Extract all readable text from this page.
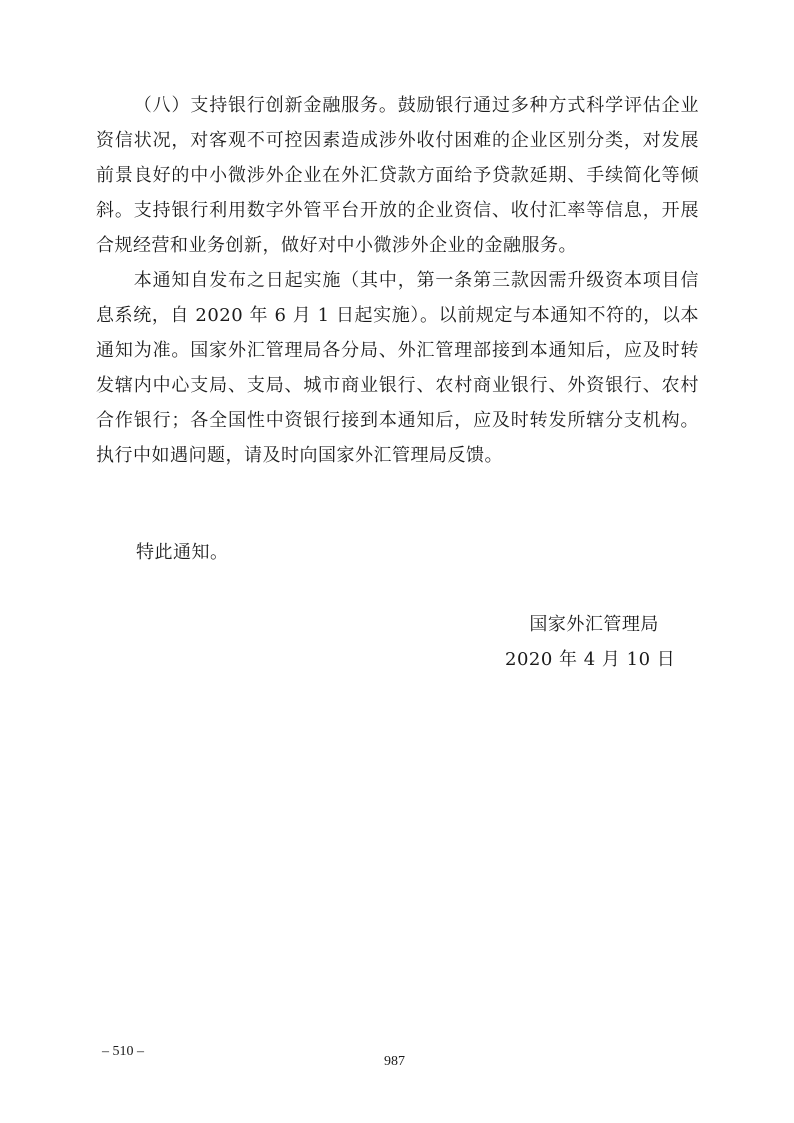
（八）支持银行创新金融服务。鼓励银行通过多种方式科学评估企业资信状况，对客观不可控因素造成涉外收付困难的企业区别分类，对发展前景良好的中小微涉外企业在外汇贷款方面给予贷款延期、手续简化等倾斜。支持银行利用数字外管平台开放的企业资信、收付汇率等信息，开展合规经营和业务创新，做好对中小微涉外企业的金融服务。

本通知自发布之日起实施（其中，第一条第三款因需升级资本项目信息系统，自 2020 年 6 月 1 日起实施）。以前规定与本通知不符的，以本通知为准。国家外汇管理局各分局、外汇管理部接到本通知后，应及时转发辖内中心支局、支局、城市商业银行、农村商业银行、外资银行、农村合作银行；各全国性中资银行接到本通知后，应及时转发所辖分支机构。执行中如遇问题，请及时向国家外汇管理局反馈。

特此通知。
国家外汇管理局
2020 年 4 月 10 日
– 510 –
987
